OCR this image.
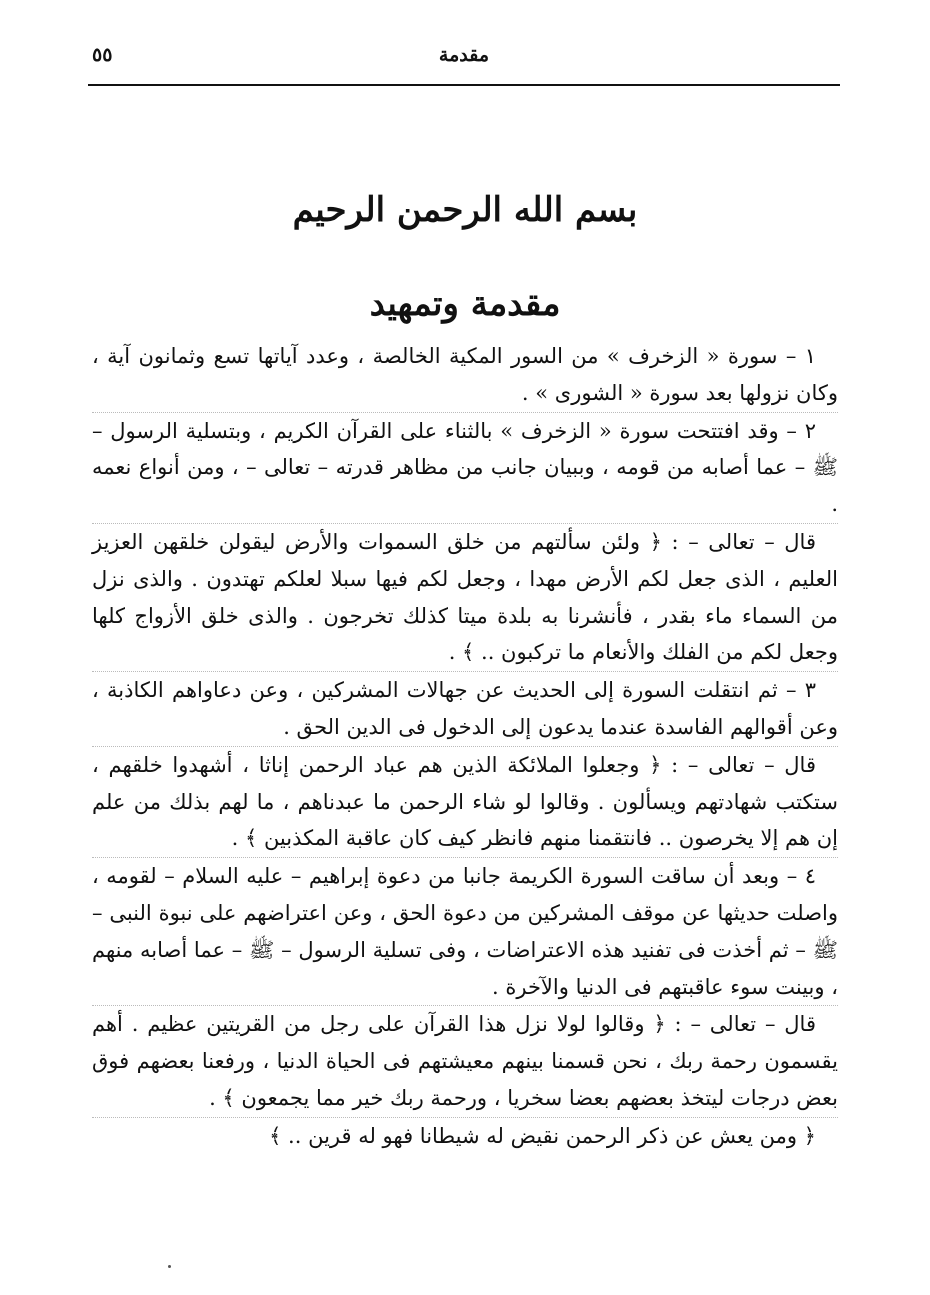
٥٥	مقدمة
بسم الله الرحمن الرحيم
مقدمة وتمهيد

١ – سورة « الزخرف » من السور المكية الخالصة ، وعدد آياتها تسع وثمانون آية ، وكان نزولها بعد سورة « الشورى » .

٢ – وقد افتتحت سورة « الزخرف » بالثناء على القرآن الكريم ، وبتسلية الرسول – ﷺ – عما أصابه من قومه ، وببيان جانب من مظاهر قدرته – تعالى – ، ومن أنواع نعمه .

قال – تعالى – : ﴿ ولئن سألتهم من خلق السموات والأرض ليقولن خلقهن العزيز العليم ، الذى جعل لكم الأرض مهدا ، وجعل لكم فيها سبلا لعلكم تهتدون . والذى نزل من السماء ماء بقدر ، فأنشرنا به بلدة ميتا كذلك تخرجون . والذى خلق الأزواج كلها وجعل لكم من الفلك والأنعام ما تركبون .. ﴾ .

٣ – ثم انتقلت السورة إلى الحديث عن جهالات المشركين ، وعن دعاواهم الكاذبة ، وعن أقوالهم الفاسدة عندما يدعون إلى الدخول فى الدين الحق .

قال – تعالى – : ﴿ وجعلوا الملائكة الذين هم عباد الرحمن إناثا ، أشهدوا خلقهم ، ستكتب شهادتهم ويسألون . وقالوا لو شاء الرحمن ما عبدناهم ، ما لهم بذلك من علم إن هم إلا يخرصون .. فانتقمنا منهم فانظر كيف كان عاقبة المكذبين ﴾ .

٤ – وبعد أن ساقت السورة الكريمة جانبا من دعوة إبراهيم – عليه السلام – لقومه ، واصلت حديثها عن موقف المشركين من دعوة الحق ، وعن اعتراضهم على نبوة النبى – ﷺ – ثم أخذت فى تفنيد هذه الاعتراضات ، وفى تسلية الرسول – ﷺ – عما أصابه منهم ، وبينت سوء عاقبتهم فى الدنيا والآخرة .

قال – تعالى – : ﴿ وقالوا لولا نزل هذا القرآن على رجل من القريتين عظيم . أهم يقسمون رحمة ربك ، نحن قسمنا بينهم معيشتهم فى الحياة الدنيا ، ورفعنا بعضهم فوق بعض درجات ليتخذ بعضهم بعضا سخريا ، ورحمة ربك خير مما يجمعون ﴾ .

﴿ ومن يعش عن ذكر الرحمن نقيض له شيطانا فهو له قرين .. ﴾
